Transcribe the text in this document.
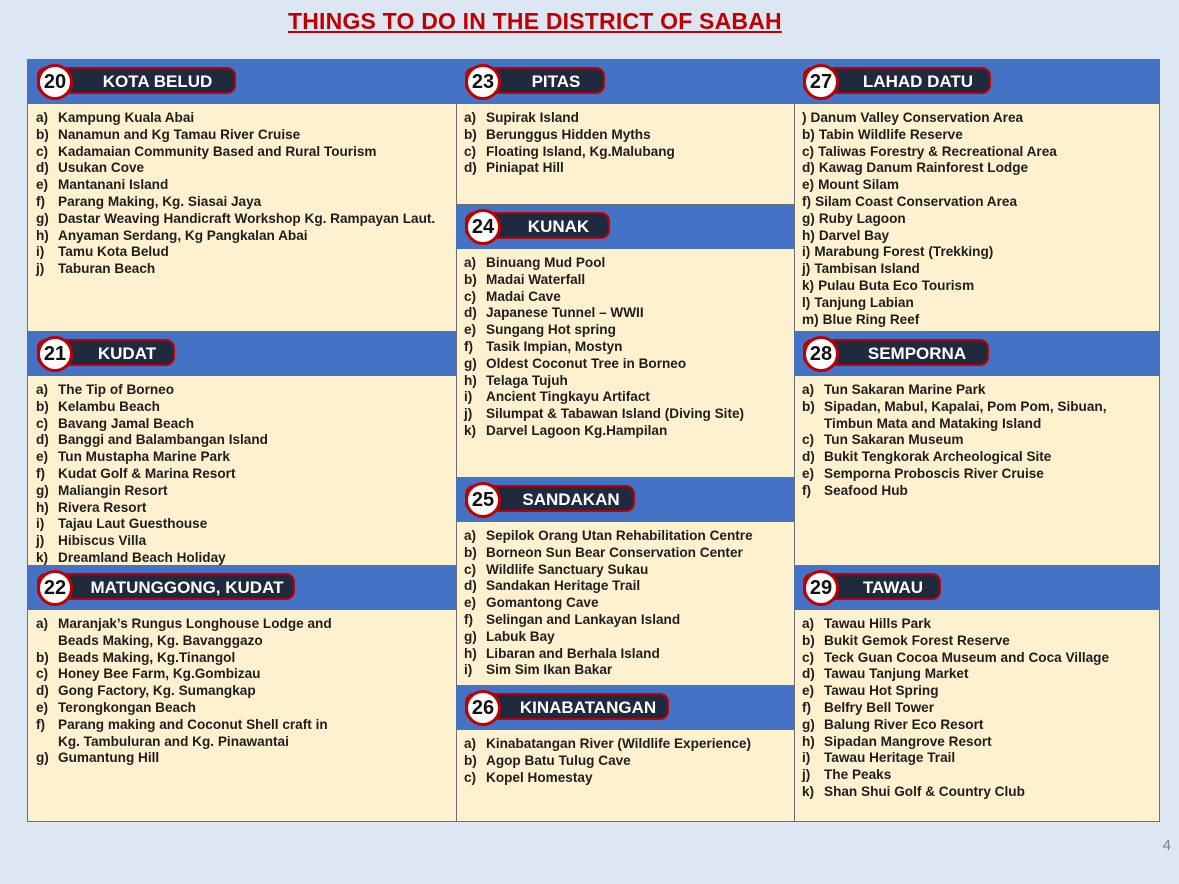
THINGS TO DO IN THE DISTRICT OF SABAH
KOTA BELUD
20
a) Kampung Kuala Abai
b) Nanamun and Kg Tamau River Cruise
c) Kadamaian Community Based and Rural Tourism
d) Usukan Cove
e) Mantanani Island
f) Parang Making, Kg. Siasai Jaya
g) Dastar Weaving Handicraft Workshop Kg. Rampayan Laut.
h) Anyaman Serdang, Kg Pangkalan Abai
i) Tamu Kota Belud
j) Taburan Beach
KUDAT
21
a) The Tip of Borneo
b) Kelambu Beach
c) Bavang Jamal Beach
d) Banggi and Balambangan Island
e) Tun Mustapha Marine Park
f) Kudat Golf & Marina Resort
g) Maliangin Resort
h) Rivera Resort
i) Tajau Laut Guesthouse
j) Hibiscus Villa
k) Dreamland Beach Holiday
MATUNGGONG, KUDAT
22
a) Maranjak’s Rungus Longhouse Lodge and
Beads Making, Kg. Bavanggazo
b) Beads Making, Kg.Tinangol
c) Honey Bee Farm, Kg.Gombizau
d) Gong Factory, Kg. Sumangkap
e) Terongkongan Beach
f) Parang making and Coconut Shell craft in
Kg. Tambuluran and Kg. Pinawantai
g) Gumantung Hill
PITAS
23
a) Supirak Island
b) Berunggus Hidden Myths
c) Floating Island, Kg.Malubang
d) Piniapat Hill
KUNAK
24
a) Binuang Mud Pool
b) Madai Waterfall
c) Madai Cave
d) Japanese Tunnel – WWII
e) Sungang Hot spring
f) Tasik Impian, Mostyn
g) Oldest Coconut Tree in Borneo
h) Telaga Tujuh
i) Ancient Tingkayu Artifact
j) Silumpat & Tabawan Island (Diving Site)
k) Darvel Lagoon Kg.Hampilan
SANDAKAN
25
a) Sepilok Orang Utan Rehabilitation Centre
b) Borneon Sun Bear Conservation Center
c) Wildlife Sanctuary Sukau
d) Sandakan Heritage Trail
e) Gomantong Cave
f) Selingan and Lankayan Island
g) Labuk Bay
h) Libaran and Berhala Island
i) Sim Sim Ikan Bakar
KINABATANGAN
26
a) Kinabatangan River (Wildlife Experience)
b) Agop Batu Tulug Cave
c) Kopel Homestay
LAHAD DATU
27
) Danum Valley Conservation Area
b) Tabin Wildlife Reserve
c) Taliwas Forestry & Recreational Area
d) Kawag Danum Rainforest Lodge
e) Mount Silam
f) Silam Coast Conservation Area
g) Ruby Lagoon
h) Darvel Bay
i) Marabung Forest (Trekking)
j) Tambisan Island
k) Pulau Buta Eco Tourism
l) Tanjung Labian
m) Blue Ring Reef
SEMPORNA
28
a) Tun Sakaran Marine Park
b) Sipadan, Mabul, Kapalai, Pom Pom, Sibuan,
Timbun Mata and Mataking Island
c) Tun Sakaran Museum
d) Bukit Tengkorak Archeological Site
e) Semporna Proboscis River Cruise
f) Seafood Hub
TAWAU
29
a) Tawau Hills Park
b) Bukit Gemok Forest Reserve
c) Teck Guan Cocoa Museum and Coca Village
d) Tawau Tanjung Market
e) Tawau Hot Spring
f) Belfry Bell Tower
g) Balung River Eco Resort
h) Sipadan Mangrove Resort
i) Tawau Heritage Trail
j) The Peaks
k) Shan Shui Golf & Country Club
4
